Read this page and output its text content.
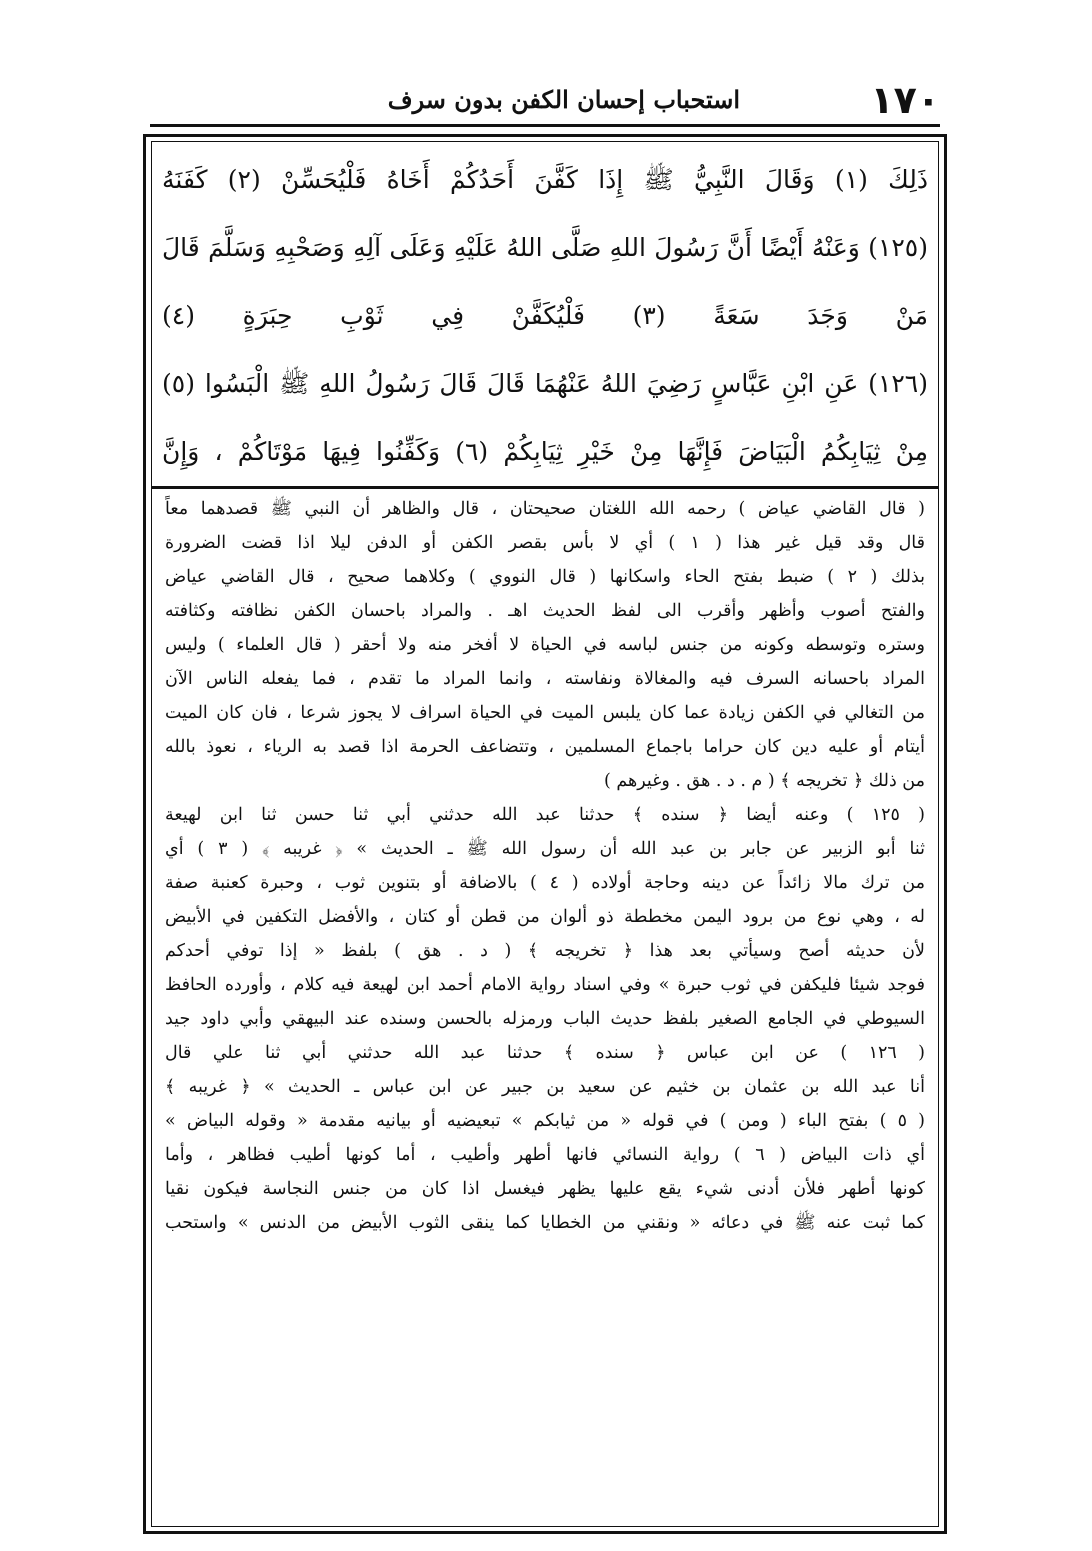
١٧٠
استحباب إحسان الكفن بدون سرف
ذَلِكَ (١) وَقَالَ النَّبِيُّ ﷺ إِذَا كَفَّنَ أَحَدُكُمْ أَخَاهُ فَلْيُحَسِّنْ (٢) كَفَنَهُ
(١٢٥) وَعَنْهُ أَيْضًا أَنَّ رَسُولَ اللهِ صَلَّى اللهُ عَلَيْهِ وَعَلَى آلِهِ وَصَحْبِهِ وَسَلَّمَ قَالَ
مَنْ وَجَدَ سَعَةً (٣) فَلْيُكَفَّنْ فِي ثَوْبِ حِبَرَةٍ (٤)
(١٢٦) عَنِ ابْنِ عَبَّاسٍ رَضِيَ اللهُ عَنْهُمَا قَالَ قَالَ رَسُولُ اللهِ ﷺ الْبَسُوا (٥)
مِنْ ثِيَابِكُمُ الْبَيَاضَ فَإِنَّهَا مِنْ خَيْرِ ثِيَابِكُمْ (٦) وَكَفِّنُوا فِيهَا مَوْتَاكُمْ ، وَإِنَّ
( قال القاضي عياض ) رحمه الله اللغتان صحيحتان ، قال والظاهر أن النبي ﷺ قصدهما معاً
قال وقد قيل غير هذا ( ١ ) أي لا بأس بقصر الكفن أو الدفن ليلا اذا قضت الضرورة
بذلك ( ٢ ) ضبط بفتح الحاء واسكانها ( قال النووي ) وكلاهما صحيح ، قال القاضي عياض
والفتح أصوب وأظهر وأقرب الى لفظ الحديث اهـ . والمراد باحسان الكفن نظافته وكثافته
وستره وتوسطه وكونه من جنس لباسه في الحياة لا أفخر منه ولا أحقر ( قال العلماء ) وليس
المراد باحسانه السرف فيه والمغالاة ونفاسته ، وانما المراد ما تقدم ، فما يفعله الناس الآن
من التغالي في الكفن زيادة عما كان يلبس الميت في الحياة اسراف لا يجوز شرعا ، فان كان الميت
أيتام أو عليه دين كان حراما باجماع المسلمين ، وتتضاعف الحرمة اذا قصد به الرياء ، نعوذ بالله
من ذلك ﴿ تخريجه ﴾ ( م . د . هق . وغيرهم )
( ١٢٥ ) وعنه أيضا ﴿ سنده ﴾ حدثنا عبد الله حدثني أبي ثنا حسن ثنا ابن لهيعة
ثنا أبو الزبير عن جابر بن عبد الله أن رسول الله ﷺ ـ الحديث » ﴿ غريبه ﴾ ( ٣ ) أي
من ترك مالا زائداً عن دينه وحاجة أولاده ( ٤ ) بالاضافة أو بتنوين ثوب ، وحبرة كعنبة صفة
له ، وهي نوع من برود اليمن مخططة ذو ألوان من قطن أو كتان ، والأفضل التكفين في الأبيض
لأن حديثه أصح وسيأتي بعد هذا ﴿ تخريجه ﴾ ( د . هق ) بلفظ « إذا توفي أحدكم
فوجد شيئا فليكفن في ثوب حبرة » وفي اسناد رواية الامام أحمد ابن لهيعة فيه كلام ، وأورده الحافظ
السيوطي في الجامع الصغير بلفظ حديث الباب ورمزله بالحسن وسنده عند البيهقي وأبي داود جيد
( ١٢٦ ) عن ابن عباس ﴿ سنده ﴾ حدثنا عبد الله حدثني أبي ثنا علي قال
أنا عبد الله بن عثمان بن خثيم عن سعيد بن جبير عن ابن عباس ـ الحديث » ﴿ غريبه ﴾
( ٥ ) بفتح الباء ( ومن ) في قوله « من ثيابكم » تبعيضيه أو بيانيه مقدمة « وقوله البياض »
أي ذات البياض ( ٦ ) رواية النسائي فانها أطهر وأطيب ، أما كونها أطيب فظاهر ، وأما
كونها أطهر فلأن أدنى شيء يقع عليها يظهر فيغسل اذا كان من جنس النجاسة فيكون نقيا
كما ثبت عنه ﷺ في دعائه « ونقني من الخطايا كما ينقى الثوب الأبيض من الدنس » واستحب
